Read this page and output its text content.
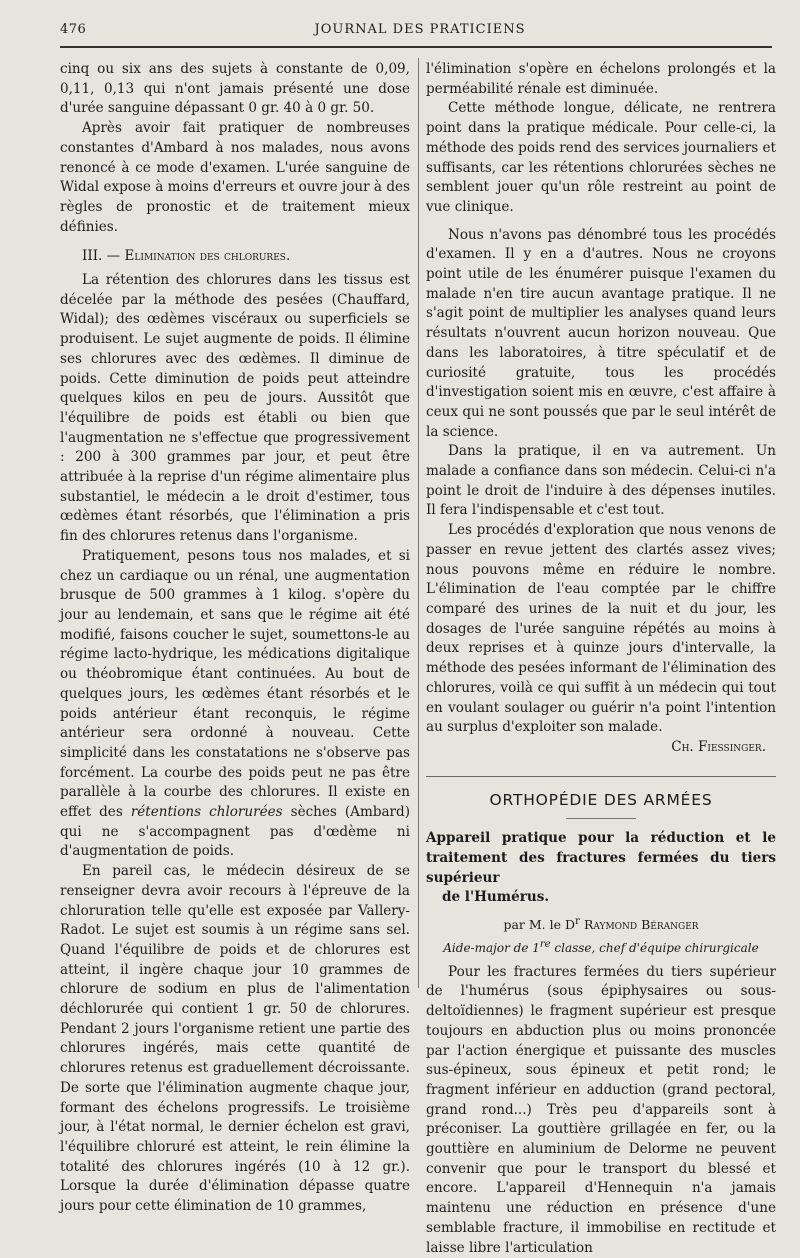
476	JOURNAL DES PRATICIENS

cinq ou six ans des sujets à constante de 0,09, 0,11, 0,13 qui n'ont jamais présenté une dose d'urée sanguine dépassant 0 gr. 40 à 0 gr. 50.

Après avoir fait pratiquer de nombreuses constantes d'Ambard à nos malades, nous avons renoncé à ce mode d'examen. L'urée sanguine de Widal expose à moins d'erreurs et ouvre jour à des règles de pronostic et de traitement mieux définies.

III. — Elimination des chlorures.

La rétention des chlorures dans les tissus est décelée par la méthode des pesées (Chauffard, Widal); des œdèmes viscéraux ou superficiels se produisent. Le sujet augmente de poids. Il élimine ses chlorures avec des œdèmes. Il diminue de poids. Cette diminution de poids peut atteindre quelques kilos en peu de jours. Aussitôt que l'équilibre de poids est établi ou bien que l'augmentation ne s'effectue que progressivement : 200 à 300 grammes par jour, et peut être attribuée à la reprise d'un régime alimentaire plus substantiel, le médecin a le droit d'estimer, tous œdèmes étant résorbés, que l'élimination a pris fin des chlorures retenus dans l'organisme.

Pratiquement, pesons tous nos malades, et si chez un cardiaque ou un rénal, une augmentation brusque de 500 grammes à 1 kilog. s'opère du jour au lendemain, et sans que le régime ait été modifié, faisons coucher le sujet, soumettons-le au régime lacto-hydrique, les médications digitalique ou théobromique étant continuées. Au bout de quelques jours, les œdèmes étant résorbés et le poids antérieur étant reconquis, le régime antérieur sera ordonné à nouveau. Cette simplicité dans les constatations ne s'observe pas forcément. La courbe des poids peut ne pas être parallèle à la courbe des chlorures. Il existe en effet des rétentions chlorurées sèches (Ambard) qui ne s'accompagnent pas d'œdème ni d'augmentation de poids.

En pareil cas, le médecin désireux de se renseigner devra avoir recours à l'épreuve de la chloruration telle qu'elle est exposée par Vallery-Radot. Le sujet est soumis à un régime sans sel. Quand l'équilibre de poids et de chlorures est atteint, il ingère chaque jour 10 grammes de chlorure de sodium en plus de l'alimentation déchlorurée qui contient 1 gr. 50 de chlorures. Pendant 2 jours l'organisme retient une partie des chlorures ingérés, mais cette quantité de chlorures retenus est graduellement décroissante. De sorte que l'élimination augmente chaque jour, formant des échelons progressifs. Le troisième jour, à l'état normal, le dernier échelon est gravi, l'équilibre chloruré est atteint, le rein élimine la totalité des chlorures ingérés (10 à 12 gr.). Lorsque la durée d'élimination dépasse quatre jours pour cette élimination de 10 grammes,

l'élimination s'opère en échelons prolongés et la perméabilité rénale est diminuée.

Cette méthode longue, délicate, ne rentrera point dans la pratique médicale. Pour celle-ci, la méthode des poids rend des services journaliers et suffisants, car les rétentions chlorurées sèches ne semblent jouer qu'un rôle restreint au point de vue clinique.

Nous n'avons pas dénombré tous les procédés d'examen. Il y en a d'autres. Nous ne croyons point utile de les énumérer puisque l'examen du malade n'en tire aucun avantage pratique. Il ne s'agit point de multiplier les analyses quand leurs résultats n'ouvrent aucun horizon nouveau. Que dans les laboratoires, à titre spéculatif et de curiosité gratuite, tous les procédés d'investigation soient mis en œuvre, c'est affaire à ceux qui ne sont poussés que par le seul intérêt de la science.

Dans la pratique, il en va autrement. Un malade a confiance dans son médecin. Celui-ci n'a point le droit de l'induire à des dépenses inutiles. Il fera l'indispensable et c'est tout.

Les procédés d'exploration que nous venons de passer en revue jettent des clartés assez vives; nous pouvons même en réduire le nombre. L'élimination de l'eau comptée par le chiffre comparé des urines de la nuit et du jour, les dosages de l'urée sanguine répétés au moins à deux reprises et à quinze jours d'intervalle, la méthode des pesées informant de l'élimination des chlorures, voilà ce qui suffit à un médecin qui tout en voulant soulager ou guérir n'a point l'intention au surplus d'exploiter son malade.

Ch. Fiessinger.

ORTHOPÉDIE DES ARMÉES

Appareil pratique pour la réduction et le traitement des fractures fermées du tiers supérieur
de l'Humérus.

par M. le $D^r$ Raymond Béranger

Aide-major de 1re classe, chef d'équipe chirurgicale

Pour les fractures fermées du tiers supérieur de l'humérus (sous épiphysaires ou sous-deltoïdiennes) le fragment supérieur est presque toujours en abduction plus ou moins prononcée par l'action énergique et puissante des muscles sus-épineux, sous épineux et petit rond; le fragment inférieur en adduction (grand pectoral, grand rond...) Très peu d'appareils sont à préconiser. La gouttière grillagée en fer, ou la gouttière en aluminium de Delorme ne peuvent convenir que pour le transport du blessé et encore. L'appareil d'Hennequin n'a jamais maintenu une réduction en présence d'une semblable fracture, il immobilise en rectitude et laisse libre l'articulation
